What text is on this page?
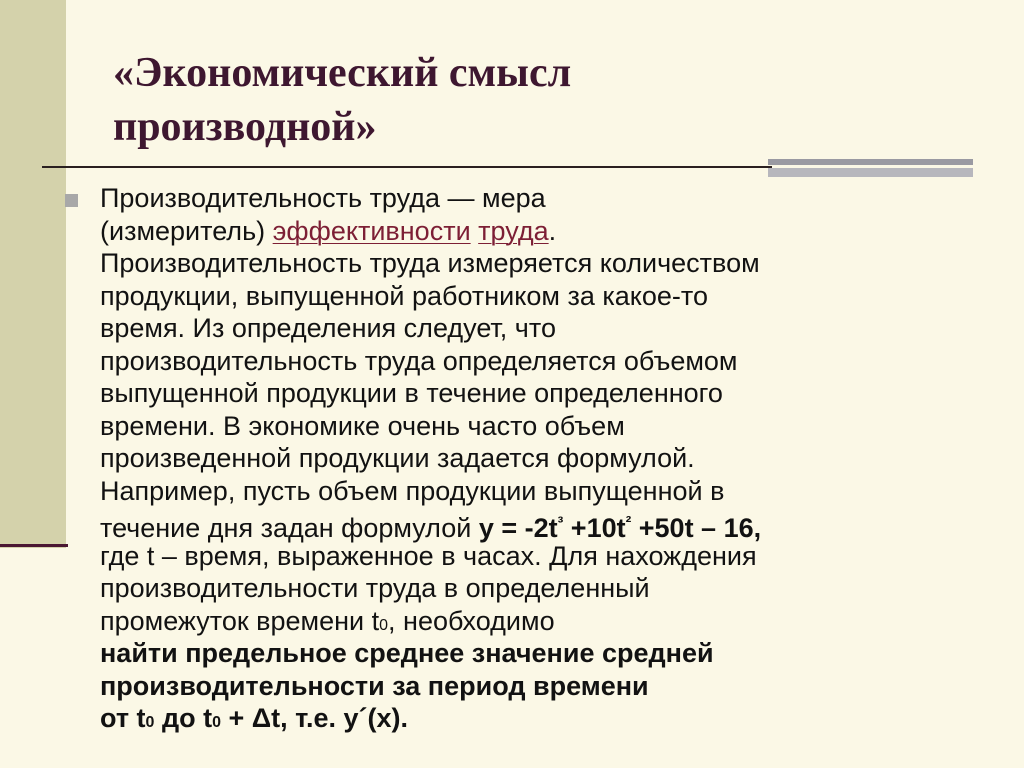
«Экономический смысл
производной»
Производительность труда — мера
(измеритель) эффективности труда.
Производительность труда измеряется количеством
продукции, выпущенной работником за какое-то
время. Из определения следует, что
производительность труда определяется объемом
выпущенной продукции в течение определенного
времени. В экономике очень часто объем
произведенной продукции задается формулой.
Например, пусть объем продукции выпущенной в
течение дня задан формулой $y = -2t^{^3} +10t^{^2} +50t - 16$,
где t – время, выраженное в часах. Для нахождения
производительности труда в определенный
промежуток времени t0, необходимо
найти предельное среднее значение средней
производительности за период времени
от t0 до t0 + Δt, т.е. y´(x).
